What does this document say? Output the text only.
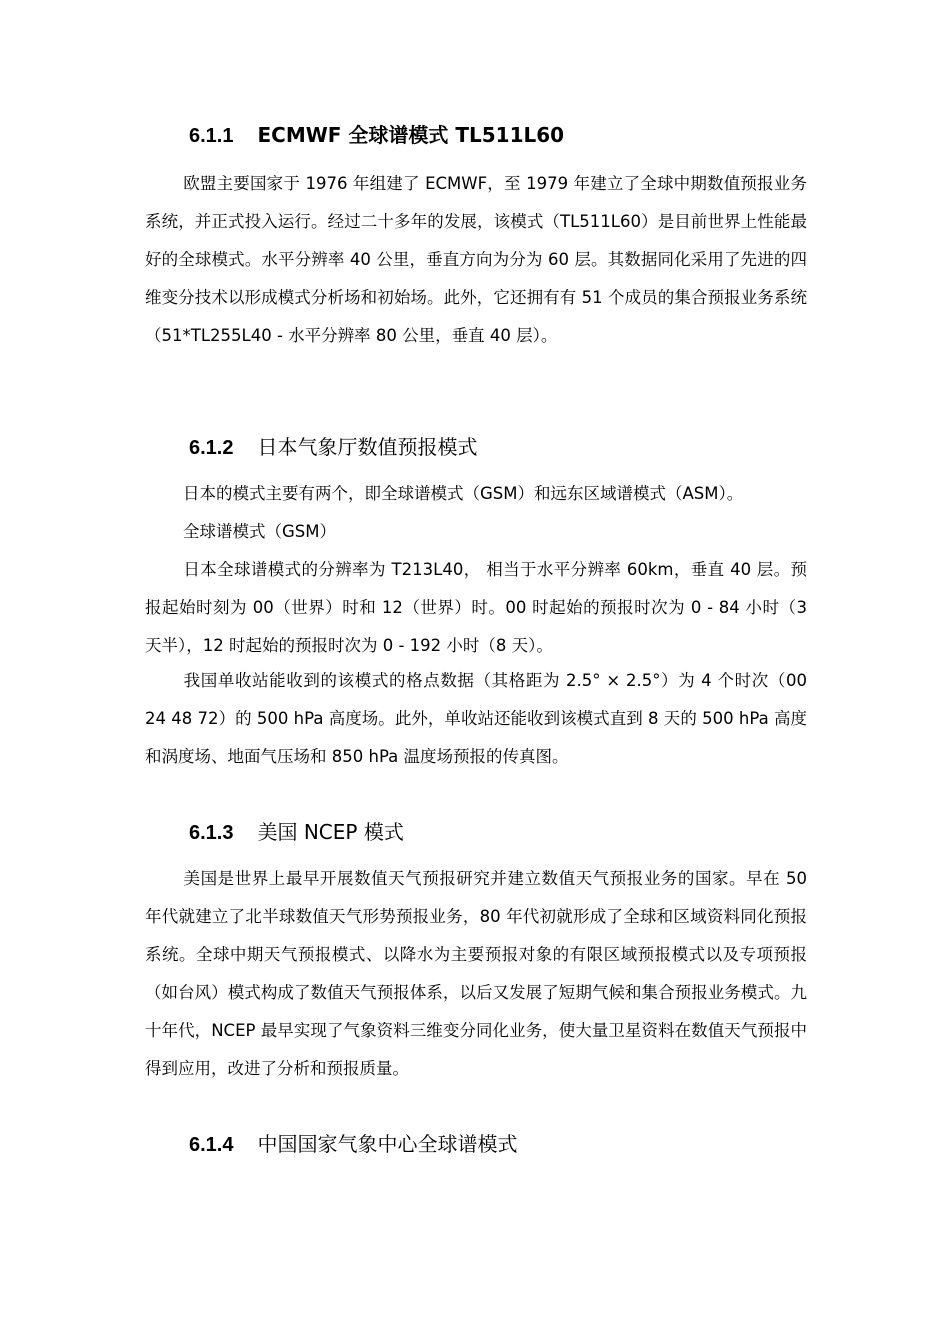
6.1.1 ECMWF 全球谱模式 TL511L60

欧盟主要国家于 1976 年组建了 ECMWF，至 1979 年建立了全球中期数值预报业务系统，并正式投入运行。经过二十多年的发展，该模式（TL511L60）是目前世界上性能最好的全球模式。水平分辨率 40 公里，垂直方向为分为 60 层。其数据同化采用了先进的四维变分技术以形成模式分析场和初始场。此外，它还拥有有 51 个成员的集合预报业务系统（51*TL255L40 - 水平分辨率 80 公里，垂直 40 层）。

6.1.2 日本气象厅数值预报模式
日本的模式主要有两个，即全球谱模式（GSM）和远东区域谱模式（ASM）。
全球谱模式（GSM）

日本全球谱模式的分辨率为 T213L40， 相当于水平分辨率 60km，垂直 40 层。预报起始时刻为 00（世界）时和 12（世界）时。00 时起始的预报时次为 0 - 84 小时（3 天半），12 时起始的预报时次为 0 - 192 小时（8 天）。

我国单收站能收到的该模式的格点数据（其格距为 2.5° × 2.5°）为 4 个时次（00 24 48 72）的 500 hPa 高度场。此外，单收站还能收到该模式直到 8 天的 500 hPa 高度和涡度场、地面气压场和 850 hPa 温度场预报的传真图。

6.1.3 美国 NCEP 模式

美国是世界上最早开展数值天气预报研究并建立数值天气预报业务的国家。早在 50 年代就建立了北半球数值天气形势预报业务，80 年代初就形成了全球和区域资料同化预报系统。全球中期天气预报模式、以降水为主要预报对象的有限区域预报模式以及专项预报（如台风）模式构成了数值天气预报体系，以后又发展了短期气候和集合预报业务模式。九十年代，NCEP 最早实现了气象资料三维变分同化业务，使大量卫星资料在数值天气预报中得到应用，改进了分析和预报质量。

6.1.4 中国国家气象中心全球谱模式
